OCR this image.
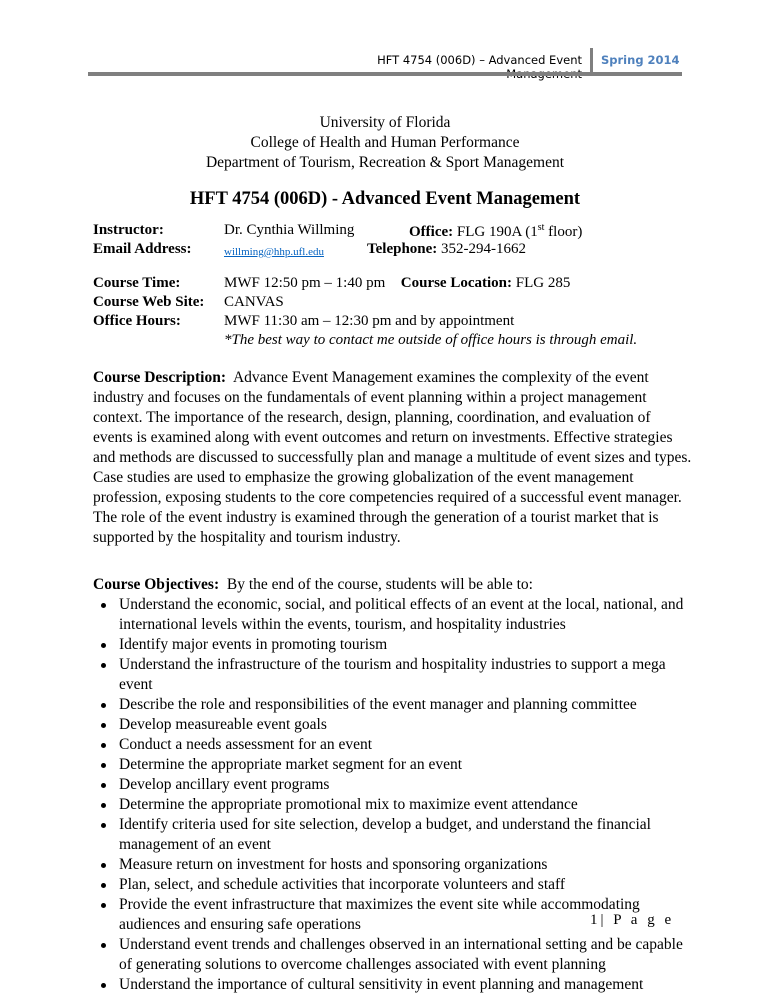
HFT 4754 (006D) – Advanced Event Spring 2014
University of Florida
College of Health and Human Performance
Department of Tourism, Recreation & Sport Management
HFT 4754 (006D) - Advanced Event Management
Instructor:	Dr. Cynthia Willming	Office: FLG 190A (1st floor)
Email Address:	willming@hhp.ufl.edu	Telephone: 352-294-1662
Course Time:	MWF 12:50 pm – 1:40 pm Course Location: FLG 285
Course Web Site: CANVAS
Office Hours:	MWF 11:30 am – 12:30 pm and by appointment
*The best way to contact me outside of office hours is through email.

Course Description: Advance Event Management examines the complexity of the event industry and focuses on the fundamentals of event planning within a project management context. The importance of the research, design, planning, coordination, and evaluation of events is examined along with event outcomes and return on investments. Effective strategies and methods are discussed to successfully plan and manage a multitude of event sizes and types. Case studies are used to emphasize the growing globalization of the event management profession, exposing students to the core competencies required of a successful event manager. The role of the event industry is examined through the generation of a tourist market that is supported by the hospitality and tourism industry.

Course Objectives: By the end of the course, students will be able to:
Understand the economic, social, and political effects of an event at the local, national, and international levels within the events, tourism, and hospitality industries
Identify major events in promoting tourism
Understand the infrastructure of the tourism and hospitality industries to support a mega event
Describe the role and responsibilities of the event manager and planning committee
Develop measureable event goals
Conduct a needs assessment for an event
Determine the appropriate market segment for an event
Develop ancillary event programs
Determine the appropriate promotional mix to maximize event attendance
Identify criteria used for site selection, develop a budget, and understand the financial management of an event
Measure return on investment for hosts and sponsoring organizations
Plan, select, and schedule activities that incorporate volunteers and staff
Provide the event infrastructure that maximizes the event site while accommodating audiences and ensuring safe operations
Understand event trends and challenges observed in an international setting and be capable of generating solutions to overcome challenges associated with event planning
Understand the importance of cultural sensitivity in event planning and management
1| P a g e
